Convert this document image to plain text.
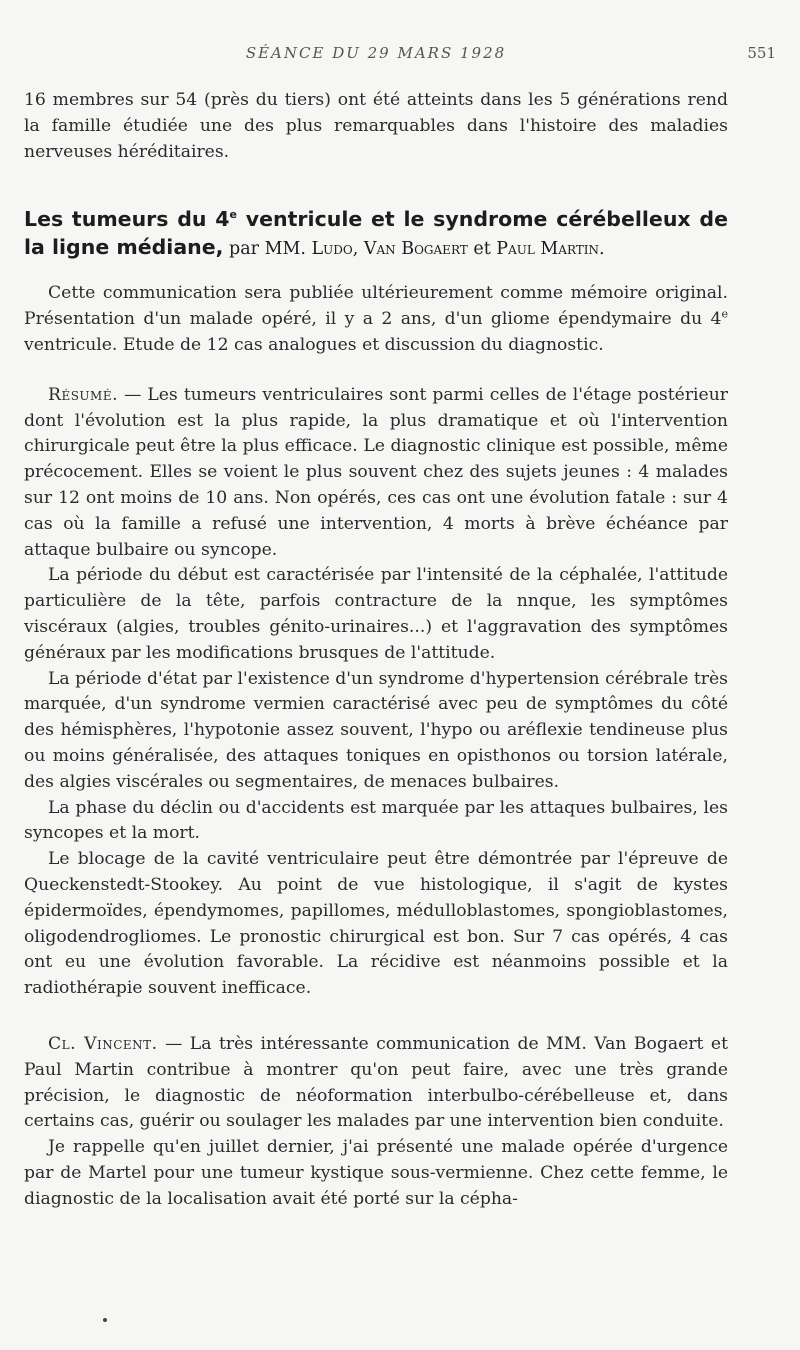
SÉANCE DU 29 MARS 1928	551

16 membres sur 54 (près du tiers) ont été atteints dans les 5 générations rend la famille étudiée une des plus remarquables dans l'histoire des maladies nerveuses héréditaires.

Les tumeurs du 4e ventricule et le syndrome cérébelleux de la ligne médiane, par MM. Ludo, Van Bogaert et Paul Martin.

Cette communication sera publiée ultérieurement comme mémoire original. Présentation d'un malade opéré, il y a 2 ans, d'un gliome épendymaire du 4e ventricule. Etude de 12 cas analogues et discussion du diagnostic.

Résumé. — Les tumeurs ventriculaires sont parmi celles de l'étage postérieur dont l'évolution est la plus rapide, la plus dramatique et où l'intervention chirurgicale peut être la plus efficace. Le diagnostic clinique est possible, même précocement. Elles se voient le plus souvent chez des sujets jeunes : 4 malades sur 12 ont moins de 10 ans. Non opérés, ces cas ont une évolution fatale : sur 4 cas où la famille a refusé une intervention, 4 morts à brève échéance par attaque bulbaire ou syncope.

La période du début est caractérisée par l'intensité de la céphalée, l'attitude particulière de la tête, parfois contracture de la nnque, les symptômes viscéraux (algies, troubles génito-urinaires...) et l'aggravation des symptômes généraux par les modifications brusques de l'attitude.

La période d'état par l'existence d'un syndrome d'hypertension cérébrale très marquée, d'un syndrome vermien caractérisé avec peu de symptômes du côté des hémisphères, l'hypotonie assez souvent, l'hypo ou aréflexie tendineuse plus ou moins généralisée, des attaques toniques en opisthonos ou torsion latérale, des algies viscérales ou segmentaires, de menaces bulbaires.

La phase du déclin ou d'accidents est marquée par les attaques bulbaires, les syncopes et la mort.

Le blocage de la cavité ventriculaire peut être démontrée par l'épreuve de Queckenstedt-Stookey. Au point de vue histologique, il s'agit de kystes épidermoïdes, épendymomes, papillomes, médulloblastomes, spongioblastomes, oligodendrogliomes. Le pronostic chirurgical est bon. Sur 7 cas opérés, 4 cas ont eu une évolution favorable. La récidive est néanmoins possible et la radiothérapie souvent inefficace.

Cl. Vincent. — La très intéressante communication de MM. Van Bogaert et Paul Martin contribue à montrer qu'on peut faire, avec une très grande précision, le diagnostic de néoformation interbulbo-cérébelleuse et, dans certains cas, guérir ou soulager les malades par une intervention bien conduite.

Je rappelle qu'en juillet dernier, j'ai présenté une malade opérée d'urgence par de Martel pour une tumeur kystique sous-vermienne. Chez cette femme, le diagnostic de la localisation avait été porté sur la cépha-
